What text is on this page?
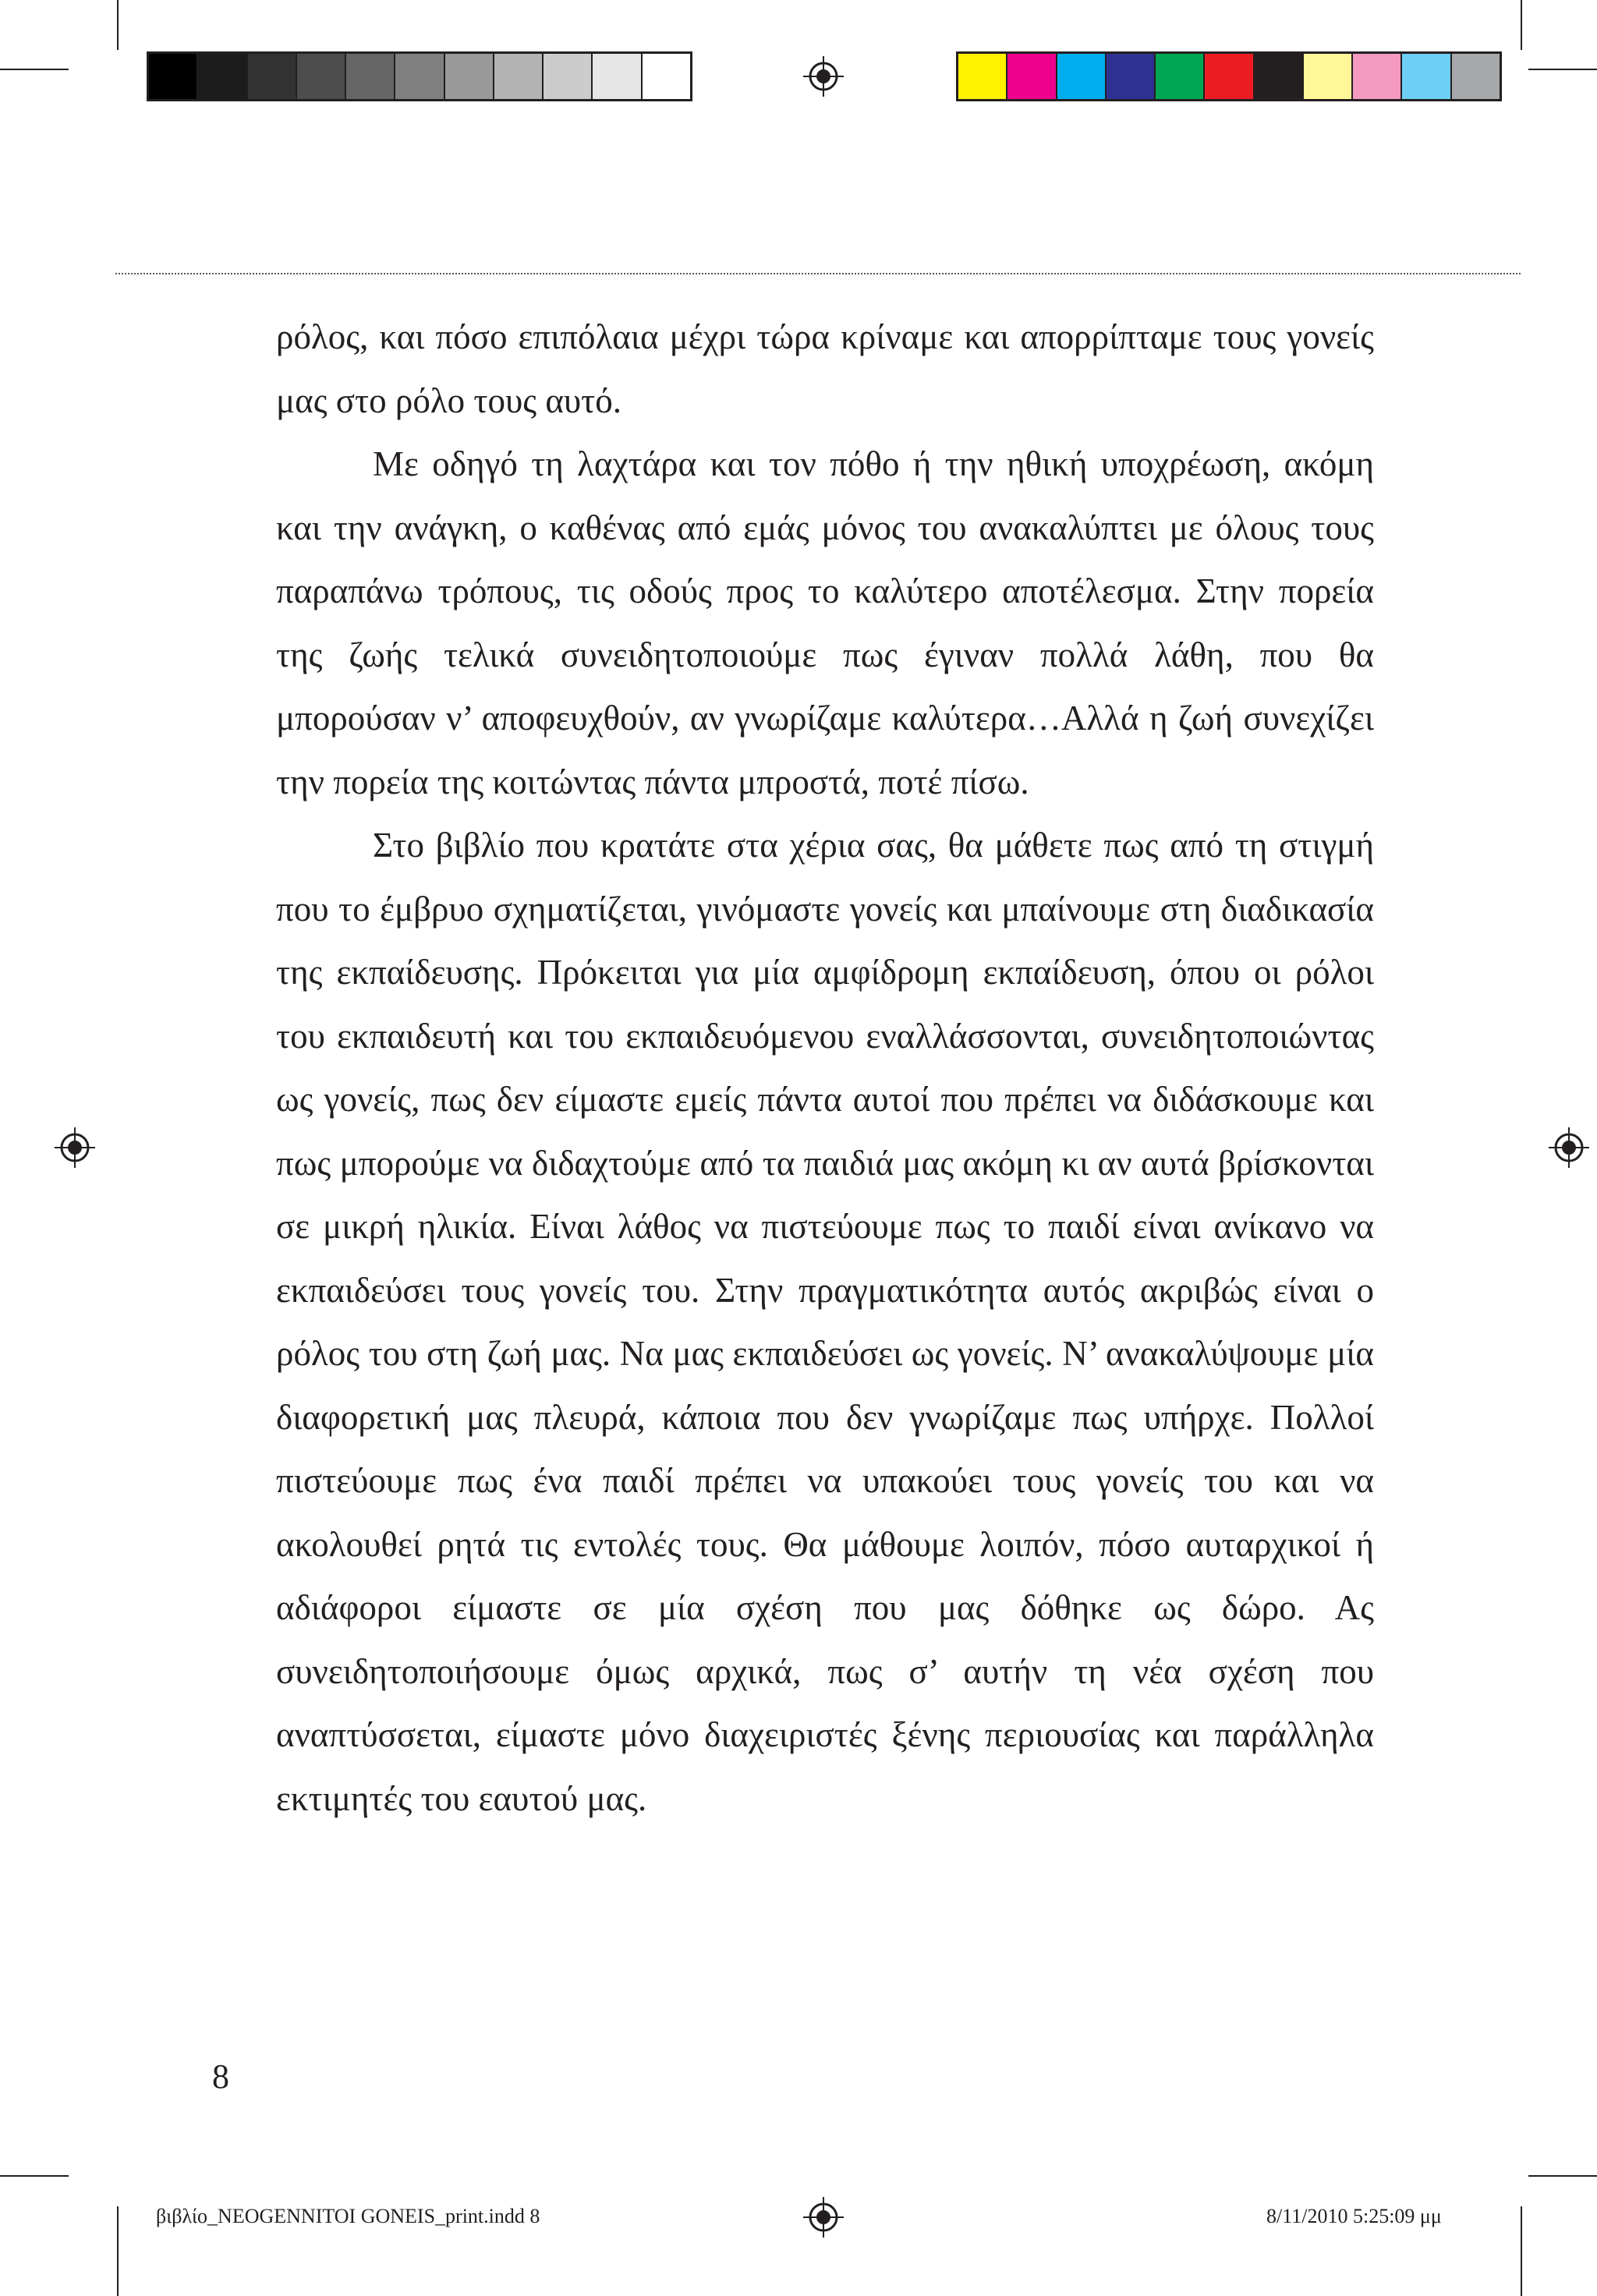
ρόλος, και πόσο επιπόλαια μέχρι τώρα κρίναμε και απορρίπταμε τους γονείς μας στο ρόλο τους αυτό.

Με οδηγό τη λαχτάρα και τον πόθο ή την ηθική υποχρέωση, ακόμη και την ανάγκη, ο καθένας από εμάς μόνος του ανακαλύπτει με όλους τους παραπάνω τρόπους, τις οδούς προς το καλύτερο αποτέλεσμα. Στην πορεία της ζωής τελικά συνειδητοποιούμε πως έγιναν πολλά λάθη, που θα μπορούσαν ν’ αποφευχθούν, αν γνωρίζαμε καλύτερα…Αλλά η ζωή συνεχίζει την πορεία της κοιτώντας πάντα μπροστά, ποτέ πίσω.

Στο βιβλίο που κρατάτε στα χέρια σας, θα μάθετε πως από τη στιγμή που το έμβρυο σχηματίζεται, γινόμαστε γονείς και μπαίνουμε στη διαδικασία της εκπαίδευσης. Πρόκειται για μία αμφίδρομη εκπαίδευση, όπου οι ρόλοι του εκπαιδευτή και του εκπαιδευόμενου εναλλάσσονται, συνειδητοποιώντας ως γονείς, πως δεν είμαστε εμείς πάντα αυτοί που πρέπει να διδάσκουμε και πως μπορούμε να διδαχτούμε από τα παιδιά μας ακόμη κι αν αυτά βρίσκονται σε μικρή ηλικία. Είναι λάθος να πιστεύουμε πως το παιδί είναι ανίκανο να εκπαιδεύσει τους γονείς του. Στην πραγματικότητα αυτός ακριβώς είναι ο ρόλος του στη ζωή μας. Να μας εκπαιδεύσει ως γονείς. Ν’ ανακαλύψουμε μία διαφορετική μας πλευρά, κάποια που δεν γνωρίζαμε πως υπήρχε. Πολλοί πιστεύουμε πως ένα παιδί πρέπει να υπακούει τους γονείς του και να ακολουθεί ρητά τις εντολές τους. Θα μάθουμε λοιπόν, πόσο αυταρχικοί ή αδιάφοροι είμαστε σε μία σχέση που μας δόθηκε ως δώρο. Ας συνειδητοποιήσουμε όμως αρχικά, πως σ’ αυτήν τη νέα σχέση που αναπτύσσεται, είμαστε μόνο διαχειριστές ξένης περιουσίας και παράλληλα εκτιμητές του εαυτού μας.

8
βιβλίο_NEOGENNITOI GONEIS_print.indd 8	8/11/2010 5:25:09 μμ
